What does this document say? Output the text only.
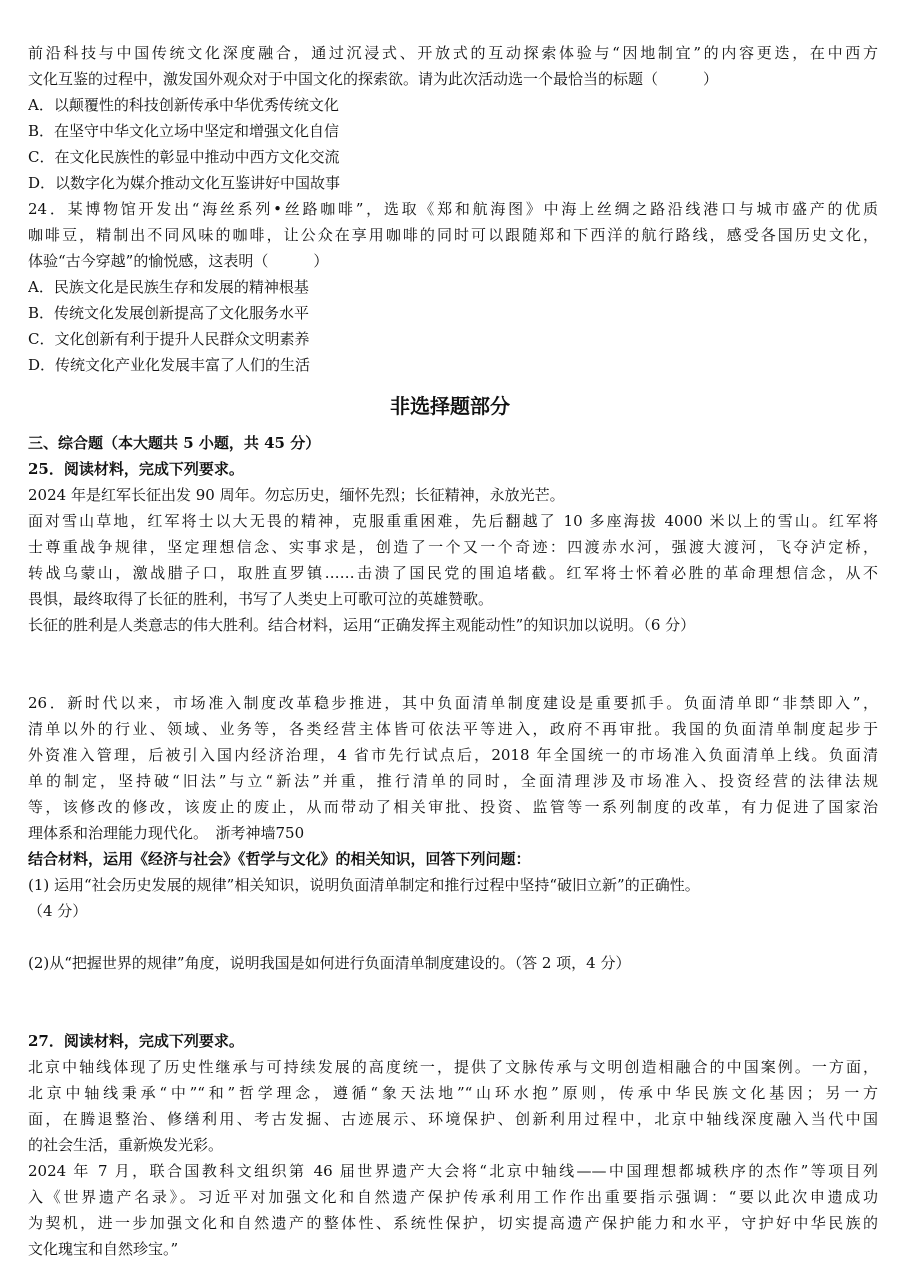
前沿科技与中国传统文化深度融合，通过沉浸式、开放式的互动探索体验与“因地制宜”的内容更迭，在中西方
文化互鉴的过程中，激发国外观众对于中国文化的探索欲。请为此次活动选一个最恰当的标题（　　　）
A．以颠覆性的科技创新传承中华优秀传统文化
B．在坚守中华文化立场中坚定和增强文化自信
C．在文化民族性的彰显中推动中西方文化交流
D．以数字化为媒介推动文化互鉴讲好中国故事
24．某博物馆开发出“海丝系列•丝路咖啡”，选取《郑和航海图》中海上丝绸之路沿线港口与城市盛产的优质
咖啡豆，精制出不同风味的咖啡，让公众在享用咖啡的同时可以跟随郑和下西洋的航行路线，感受各国历史文化，
体验“古今穿越”的愉悦感，这表明（　　　）
A．民族文化是民族生存和发展的精神根基
B．传统文化发展创新提高了文化服务水平
C．文化创新有利于提升人民群众文明素养
D．传统文化产业化发展丰富了人们的生活
非选择题部分
三、综合题（本大题共 5 小题，共 45 分）
25．阅读材料，完成下列要求。
2024 年是红军长征出发 90 周年。勿忘历史，缅怀先烈；长征精神，永放光芒。
面对雪山草地，红军将士以大无畏的精神，克服重重困难，先后翻越了 10 多座海拔 4000 米以上的雪山。红军将
士尊重战争规律，坚定理想信念、实事求是，创造了一个又一个奇迹：四渡赤水河，强渡大渡河，飞夺泸定桥，
转战乌蒙山，激战腊子口，取胜直罗镇……击溃了国民党的围追堵截。红军将士怀着必胜的革命理想信念，从不
畏惧，最终取得了长征的胜利，书写了人类史上可歌可泣的英雄赞歌。
长征的胜利是人类意志的伟大胜利。结合材料，运用“正确发挥主观能动性”的知识加以说明。（6 分）
26．新时代以来，市场准入制度改革稳步推进，其中负面清单制度建设是重要抓手。负面清单即“非禁即入”，
清单以外的行业、领域、业务等，各类经营主体皆可依法平等进入，政府不再审批。我国的负面清单制度起步于
外资准入管理，后被引入国内经济治理，4 省市先行试点后，2018 年全国统一的市场准入负面清单上线。负面清
单的制定，坚持破“旧法”与立“新法”并重，推行清单的同时，全面清理涉及市场准入、投资经营的法律法规
等，该修改的修改，该废止的废止，从而带动了相关审批、投资、监管等一系列制度的改革，有力促进了国家治
理体系和治理能力现代化。　浙考神墙750
结合材料，运用《经济与社会》《哲学与文化》的相关知识，回答下列问题：
(1) 运用“社会历史发展的规律”相关知识，说明负面清单制定和推行过程中坚持“破旧立新”的正确性。
（4 分）
(2)从“把握世界的规律”角度，说明我国是如何进行负面清单制度建设的。（答 2 项，4 分）
27．阅读材料，完成下列要求。
北京中轴线体现了历史性继承与可持续发展的高度统一，提供了文脉传承与文明创造相融合的中国案例。一方面，
北京中轴线秉承“中”“和”哲学理念，遵循“象天法地”“山环水抱”原则，传承中华民族文化基因；另一方
面，在腾退整治、修缮利用、考古发掘、古迹展示、环境保护、创新利用过程中，北京中轴线深度融入当代中国
的社会生活，重新焕发光彩。
2024 年 7 月，联合国教科文组织第 46 届世界遗产大会将“北京中轴线——中国理想都城秩序的杰作”等项目列
入《世界遗产名录》。习近平对加强文化和自然遗产保护传承利用工作作出重要指示强调：“要以此次申遗成功
为契机，进一步加强文化和自然遗产的整体性、系统性保护，切实提高遗产保护能力和水平，守护好中华民族的
文化瑰宝和自然珍宝。”
